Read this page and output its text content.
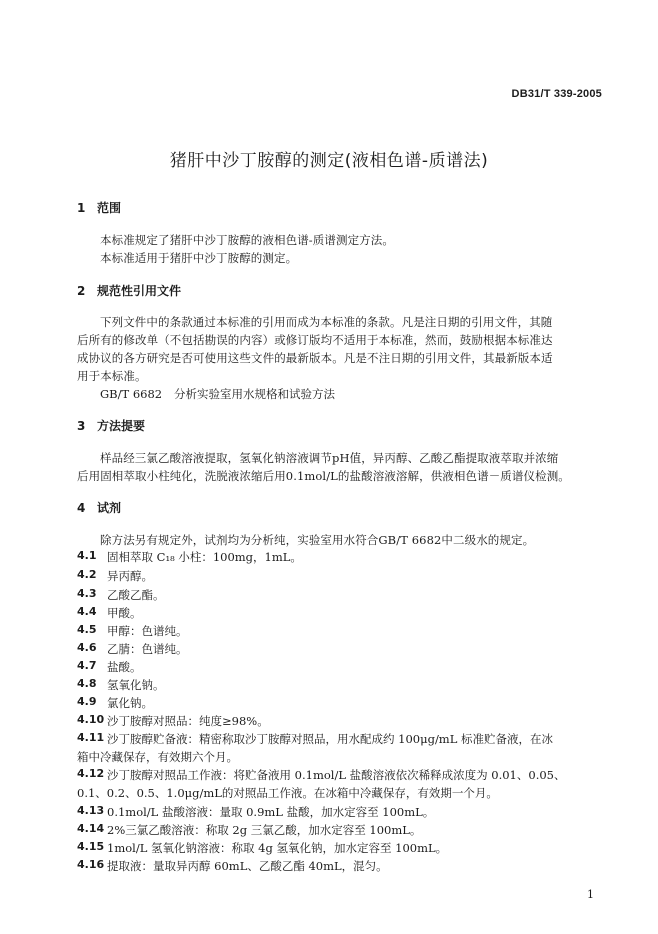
DB31/T 339-2005
猪肝中沙丁胺醇的测定(液相色谱-质谱法)
1 范围
本标准规定了猪肝中沙丁胺醇的液相色谱-质谱测定方法。
本标准适用于猪肝中沙丁胺醇的测定。
2 规范性引用文件
下列文件中的条款通过本标准的引用而成为本标准的条款。凡是注日期的引用文件，其随
后所有的修改单（不包括勘误的内容）或修订版均不适用于本标准，然而，鼓励根据本标准达
成协议的各方研究是否可使用这些文件的最新版本。凡是不注日期的引用文件，其最新版本适
用于本标准。
GB/T 6682 分析实验室用水规格和试验方法
3 方法提要
样品经三氯乙酸溶液提取，氢氧化钠溶液调节pH值，异丙醇、乙酸乙酯提取液萃取并浓缩
后用固相萃取小柱纯化，洗脱液浓缩后用0.1mol/L的盐酸溶液溶解，供液相色谱－质谱仪检测。
4 试剂
除方法另有规定外，试剂均为分析纯，实验室用水符合GB/T 6682中二级水的规定。
4.1 固相萃取 C₁₈ 小柱：100mg，1mL。
4.2 异丙醇。
4.3 乙酸乙酯。
4.4 甲酸。
4.5 甲醇：色谱纯。
4.6 乙腈：色谱纯。
4.7 盐酸。
4.8 氢氧化钠。
4.9 氯化钠。
4.10 沙丁胺醇对照品：纯度≥98%。
4.11 沙丁胺醇贮备液：精密称取沙丁胺醇对照品，用水配成约 100μg/mL 标准贮备液，在冰
箱中冷藏保存，有效期六个月。
4.12 沙丁胺醇对照品工作液：将贮备液用 0.1mol/L 盐酸溶液依次稀释成浓度为 0.01、0.05、
0.1、0.2、0.5、1.0μg/mL的对照品工作液。在冰箱中冷藏保存，有效期一个月。
4.13 0.1mol/L 盐酸溶液：量取 0.9mL 盐酸，加水定容至 100mL。
4.14 2%三氯乙酸溶液：称取 2g 三氯乙酸，加水定容至 100mL。
4.15 1mol/L 氢氧化钠溶液：称取 4g 氢氧化钠，加水定容至 100mL。
4.16 提取液：量取异丙醇 60mL、乙酸乙酯 40mL，混匀。
1
